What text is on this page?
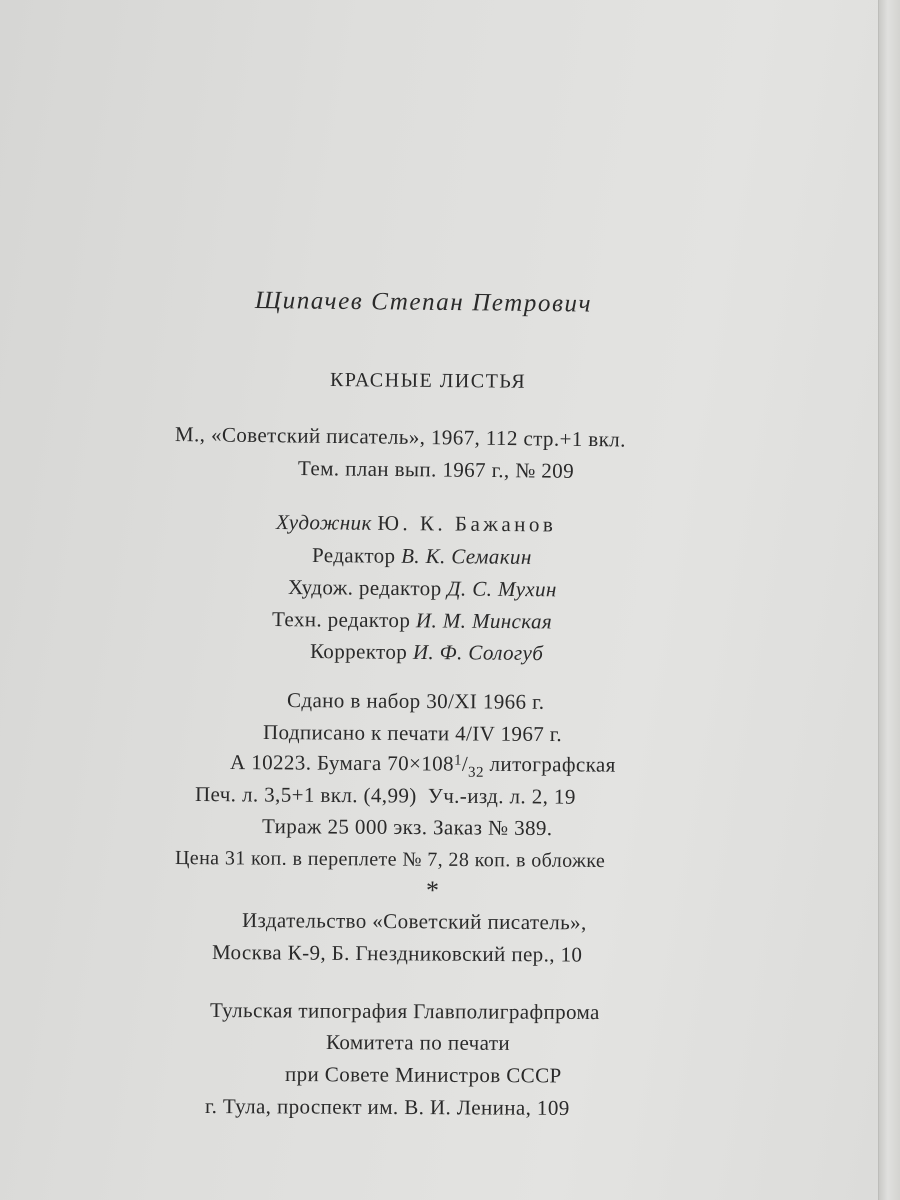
Щипачев Степан Петрович
КРАСНЫЕ ЛИСТЬЯ
М., «Советский писатель», 1967, 112 стр.+1 вкл.
Тем. план вып. 1967 г., № 209
Художник Ю. К. Бажанов
Редактор В. К. Семакин
Худож. редактор Д. С. Мухин
Техн. редактор И. М. Минская
Корректор И. Ф. Сологуб
Сдано в набор 30/XI 1966 г.
Подписано к печати 4/IV 1967 г.
А 10223. Бумага $70\times 108^1/_{32}$ литографская
Печ. л. 3,5+1 вкл. (4,99)  Уч.-изд. л. 2, 19
Тираж 25 000 экз. Заказ № 389.
Цена 31 коп. в переплете № 7, 28 коп. в обложке
*
Издательство «Советский писатель»,
Москва К-9, Б. Гнездниковский пер., 10
Тульская типография Главполиграфпрома
Комитета по печати
при Совете Министров СССР
г. Тула, проспект им. В. И. Ленина, 109
